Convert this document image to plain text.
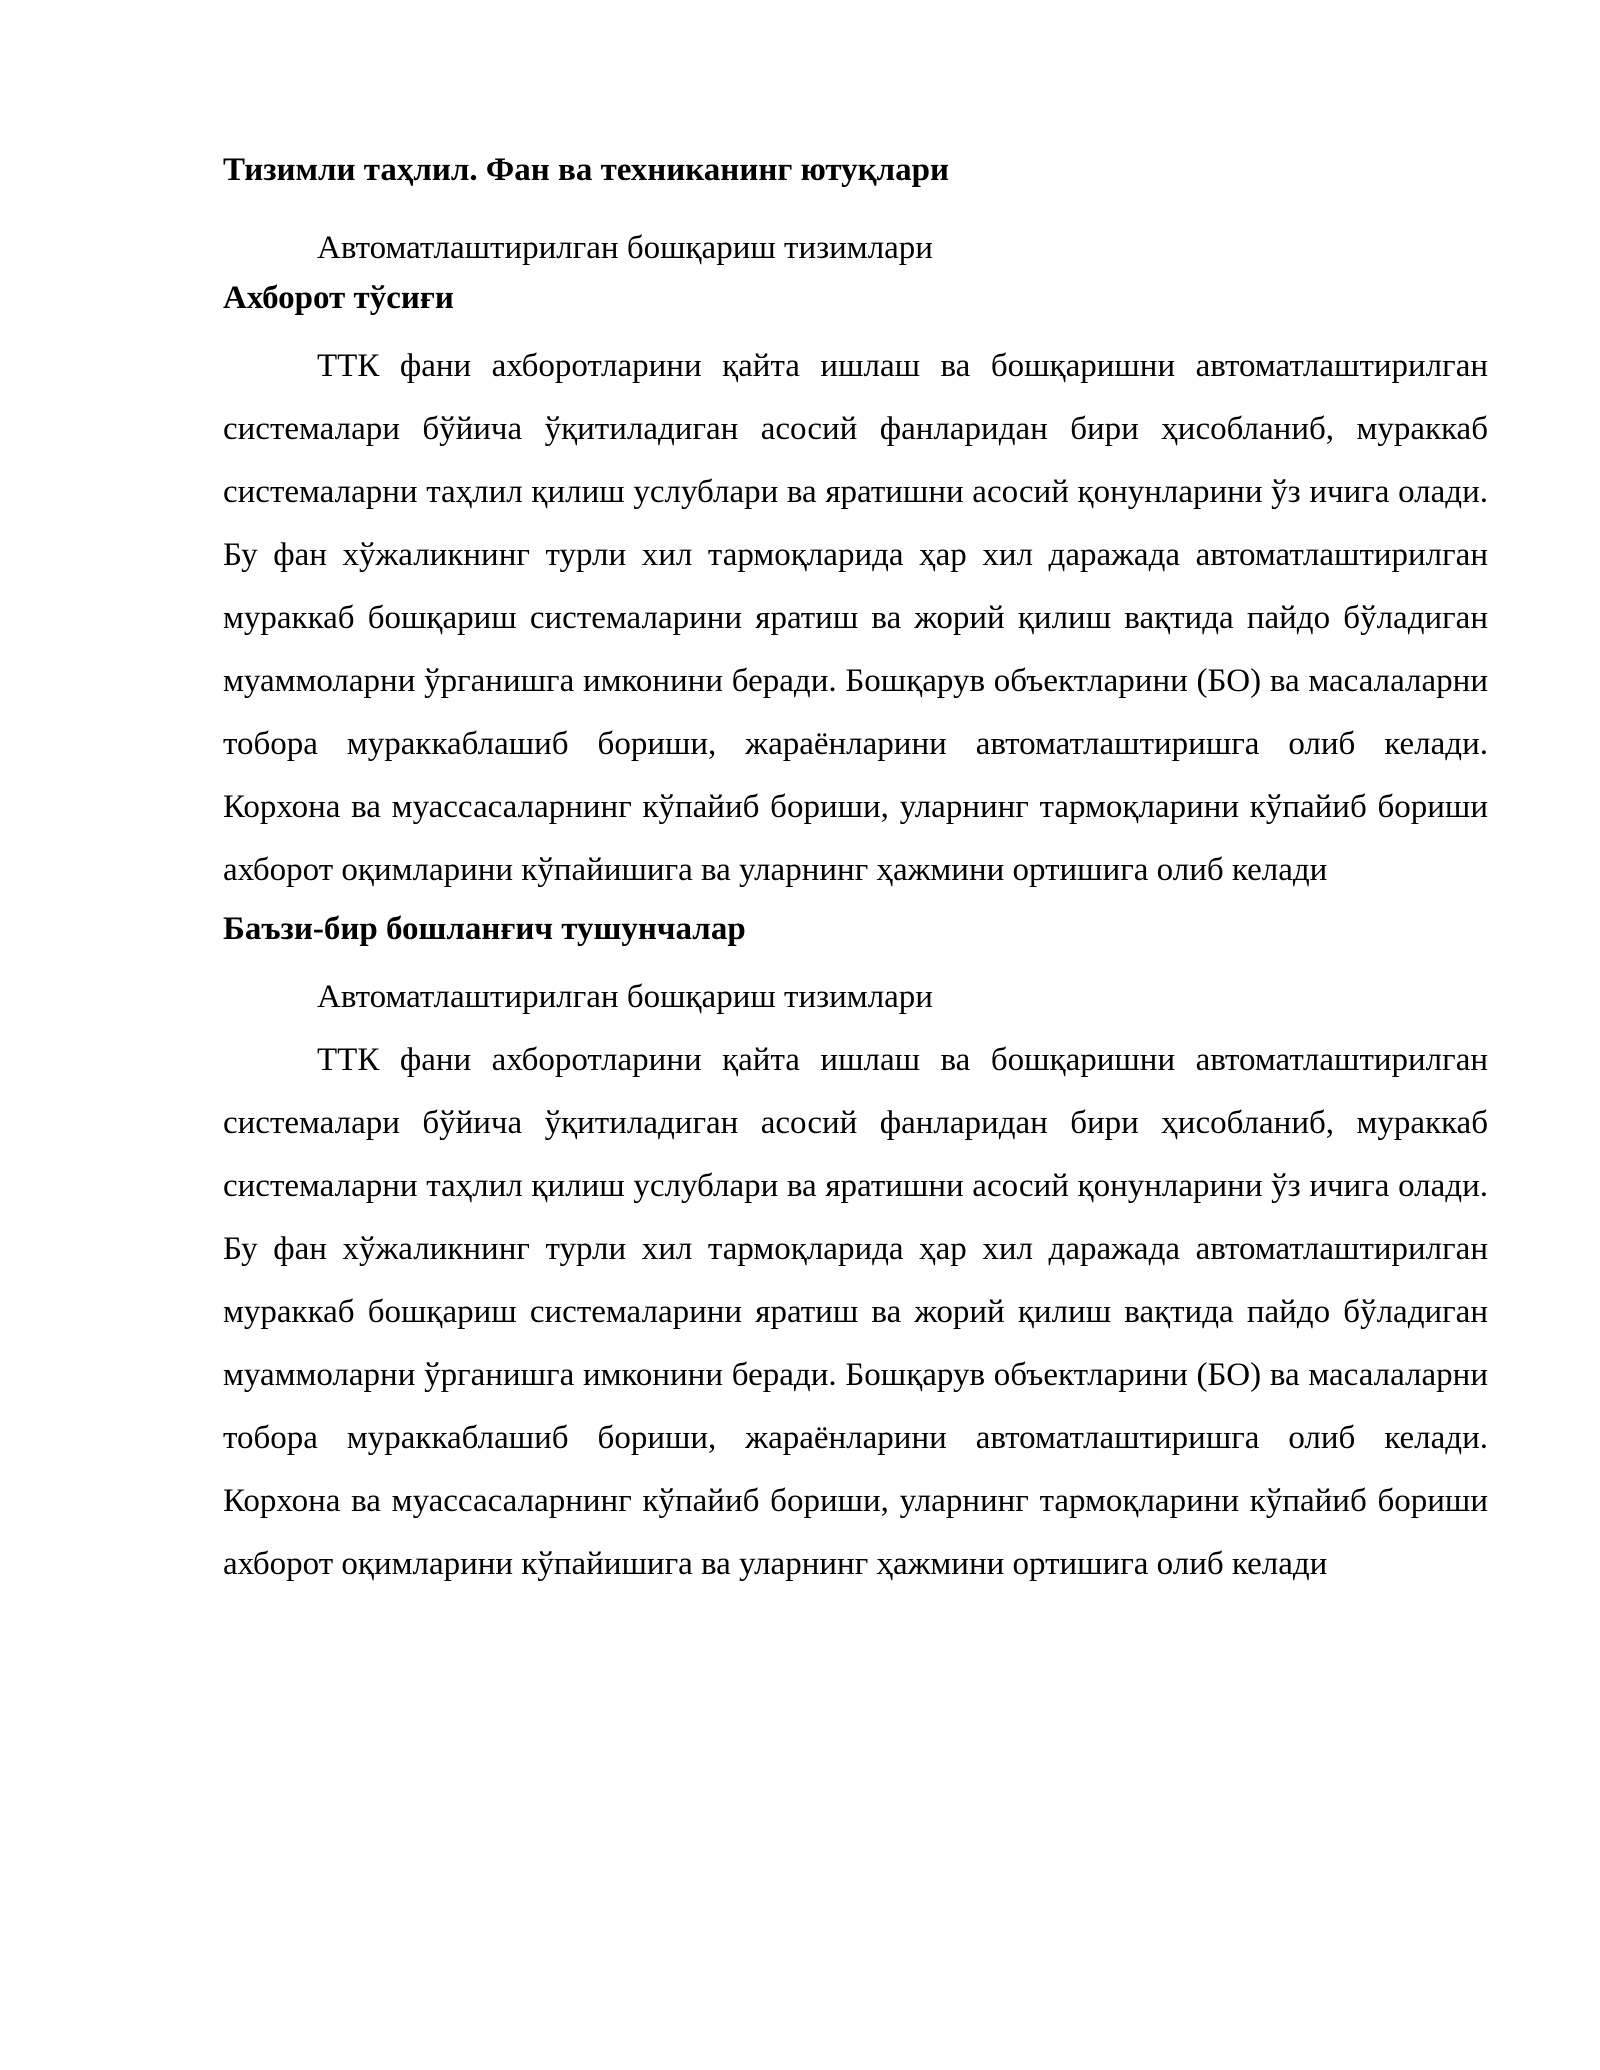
Тизимли таҳлил. Фан ва техниканинг ютуқлари

Автоматлаштирилган бошқариш тизимлари

Ахборот тўсиғи

ТТК фани ахборотларини қайта ишлаш ва бошқаришни автоматлаштирилган системалари бўйича ўқитиладиган асосий фанларидан бири ҳисобланиб, мураккаб системаларни таҳлил қилиш услублари ва яратишни асосий қонунларини ўз ичига олади. Бу фан хўжаликнинг турли хил тармоқларида ҳар хил даражада автоматлаштирилган мураккаб бошқариш системаларини яратиш ва жорий қилиш вақтида пайдо бўладиган муаммоларни ўрганишга имконини беради. Бошқарув объектларини (БО) ва масалаларни тобора мураккаблашиб бориши, жараёнларини автоматлаштиришга олиб келади. Корхона ва муассасаларнинг кўпайиб бориши, уларнинг тармоқларини кўпайиб бориши ахборот оқимларини кўпайишига ва уларнинг ҳажмини ортишига олиб келади

Баъзи-бир бошланғич тушунчалар

Автоматлаштирилган бошқариш тизимлари

ТТК фани ахборотларини қайта ишлаш ва бошқаришни автоматлаштирилган системалари бўйича ўқитиладиган асосий фанларидан бири ҳисобланиб, мураккаб системаларни таҳлил қилиш услублари ва яратишни асосий қонунларини ўз ичига олади. Бу фан хўжаликнинг турли хил тармоқларида ҳар хил даражада автоматлаштирилган мураккаб бошқариш системаларини яратиш ва жорий қилиш вақтида пайдо бўладиган муаммоларни ўрганишга имконини беради. Бошқарув объектларини (БО) ва масалаларни тобора мураккаблашиб бориши, жараёнларини автоматлаштиришга олиб келади. Корхона ва муассасаларнинг кўпайиб бориши, уларнинг тармоқларини кўпайиб бориши ахборот оқимларини кўпайишига ва уларнинг ҳажмини ортишига олиб келади
